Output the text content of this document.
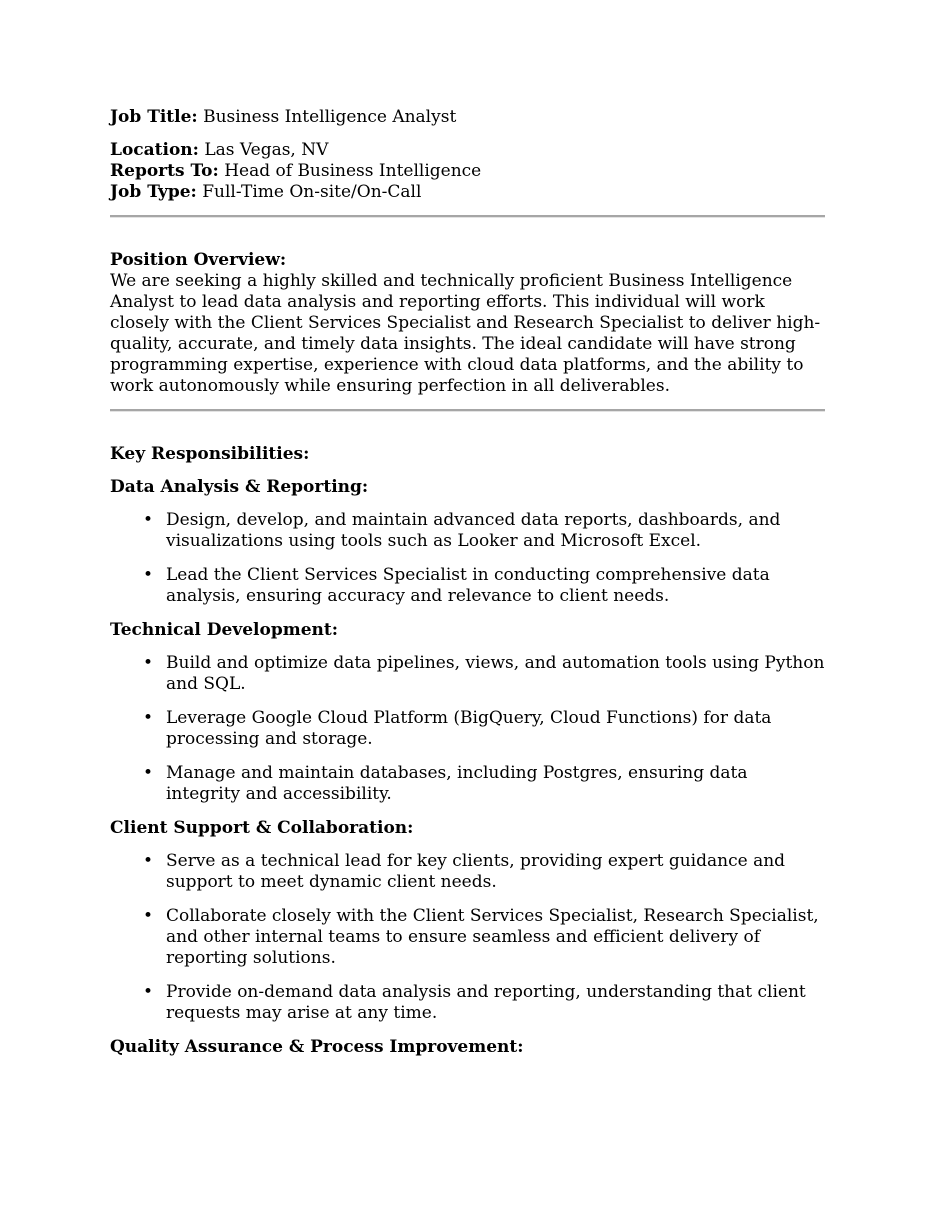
Job Title: Business Intelligence Analyst

Location: Las Vegas, NV
Reports To: Head of Business Intelligence
Job Type: Full-Time On-site/On-Call

Position Overview:
We are seeking a highly skilled and technically proficient Business Intelligence Analyst to lead data analysis and reporting efforts. This individual will work closely with the Client Services Specialist and Research Specialist to deliver high-quality, accurate, and timely data insights. The ideal candidate will have strong programming expertise, experience with cloud data platforms, and the ability to work autonomously while ensuring perfection in all deliverables.

Key Responsibilities:

Data Analysis & Reporting:

• Design, develop, and maintain advanced data reports, dashboards, and visualizations using tools such as Looker and Microsoft Excel.
• Lead the Client Services Specialist in conducting comprehensive data analysis, ensuring accuracy and relevance to client needs.

Technical Development:

• Build and optimize data pipelines, views, and automation tools using Python and SQL.
• Leverage Google Cloud Platform (BigQuery, Cloud Functions) for data processing and storage.
• Manage and maintain databases, including Postgres, ensuring data integrity and accessibility.

Client Support & Collaboration:

• Serve as a technical lead for key clients, providing expert guidance and support to meet dynamic client needs.
• Collaborate closely with the Client Services Specialist, Research Specialist, and other internal teams to ensure seamless and efficient delivery of reporting solutions.
• Provide on-demand data analysis and reporting, understanding that client requests may arise at any time.

Quality Assurance & Process Improvement:
